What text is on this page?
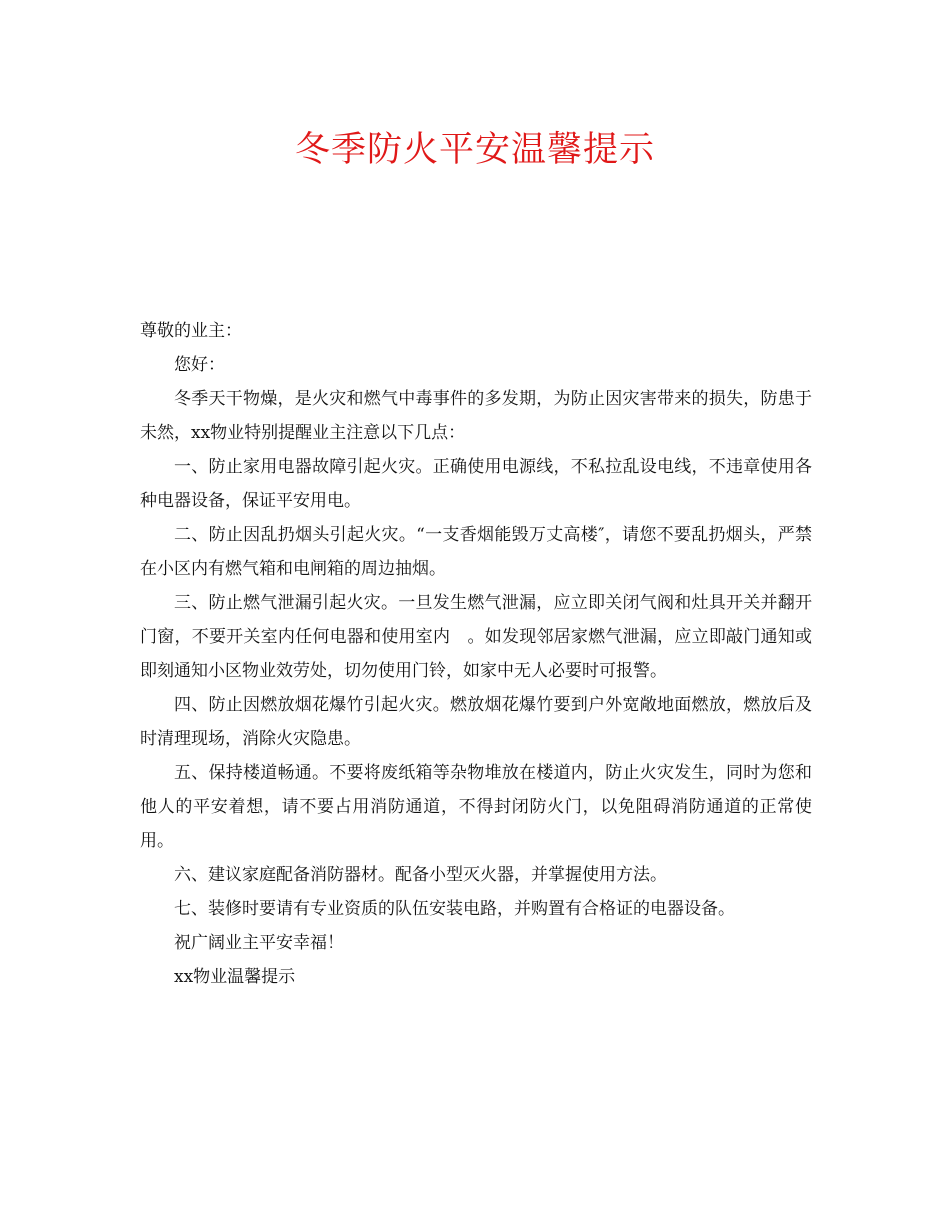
冬季防火平安温馨提示

尊敬的业主：

您好：

冬季天干物燥，是火灾和燃气中毒事件的多发期，为防止因灾害带来的损失，防患于未然，xx物业特别提醒业主注意以下几点：

一、防止家用电器故障引起火灾。正确使用电源线，不私拉乱设电线，不违章使用各种电器设备，保证平安用电。

二、防止因乱扔烟头引起火灾。“一支香烟能毁万丈高楼″，请您不要乱扔烟头，严禁在小区内有燃气箱和电闸箱的周边抽烟。

三、防止燃气泄漏引起火灾。一旦发生燃气泄漏，应立即关闭气阀和灶具开关并翻开门窗，不要开关室内任何电器和使用室内　。如发现邻居家燃气泄漏，应立即敲门通知或即刻通知小区物业效劳处，切勿使用门铃，如家中无人必要时可报警。

四、防止因燃放烟花爆竹引起火灾。燃放烟花爆竹要到户外宽敞地面燃放，燃放后及时清理现场，消除火灾隐患。

五、保持楼道畅通。不要将废纸箱等杂物堆放在楼道内，防止火灾发生，同时为您和他人的平安着想，请不要占用消防通道，不得封闭防火门，以免阻碍消防通道的正常使用。

六、建议家庭配备消防器材。配备小型灭火器，并掌握使用方法。

七、装修时要请有专业资质的队伍安装电路，并购置有合格证的电器设备。

祝广阔业主平安幸福！

xx物业温馨提示
